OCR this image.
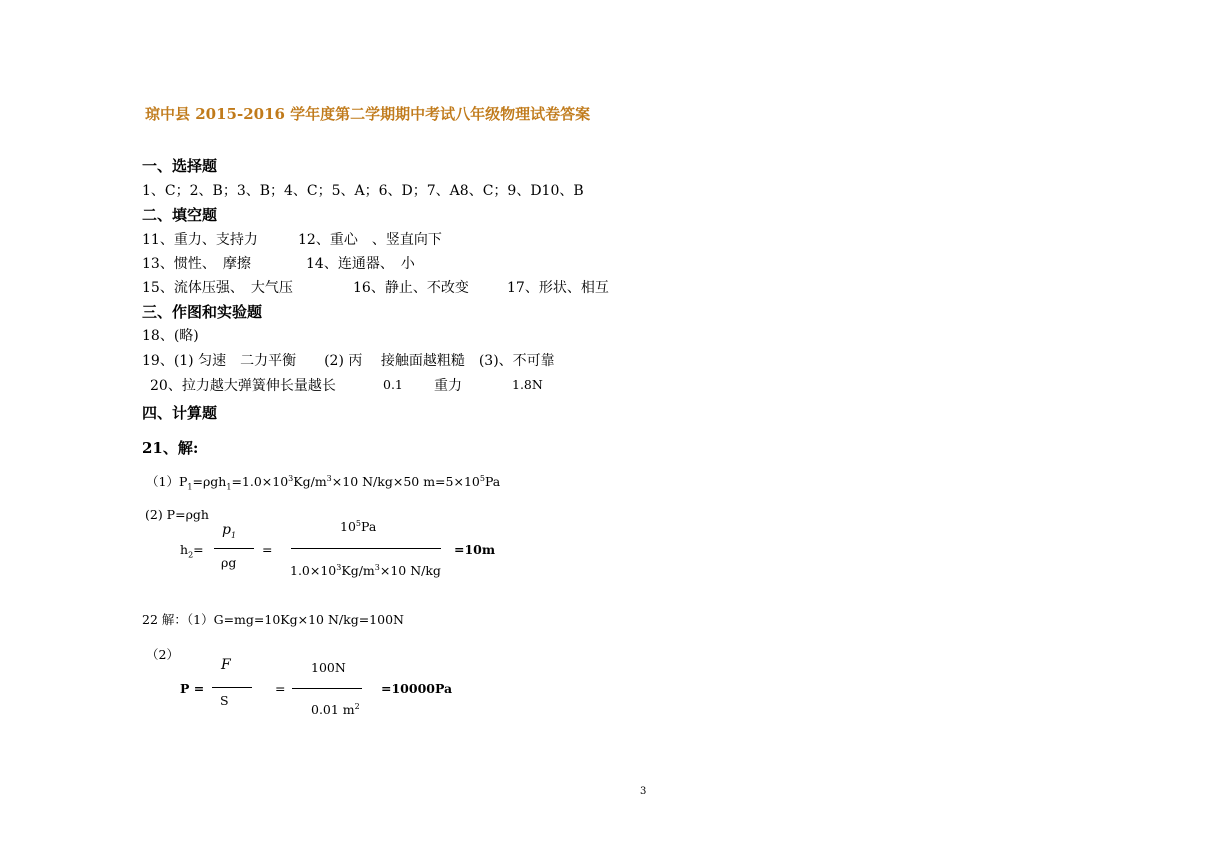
琼中县 2015-2016 学年度第二学期期中考试八年级物理试卷答案
一、选择题
1、C；2、B；3、B；4、C；5、A；6、D；7、A8、C；9、D10、B
二、填空题
11、重力、支持力	12、重心　、竖直向下
13、惯性、　摩擦	14、连通器、　小
15、流体压强、　大气压	16、静止、不改变	17、形状、相互
三、作图和实验题
18、(略)
19、(1) 匀速　二力平衡　　(2) 丙　 接触面越粗糙　(3)、不可靠
20、拉力越大弹簧伸长量越长	0.1 重力	1.8N
四、计算题
21、解:
$(1)P_1=\rho gh_1=1.0\times 10^3Kg/m^3\times 10$ N/kg×50 $m=5\times 10^5Pa$
(2) P=ρgh
$h_2=$
$p_1$
ρg
=
$10^5Pa$
$1.0\times 10^3Kg/m^3\times 10$ N/kg
=10m
22 解：（1）G=mg=10Kg×10 N/kg=100N
（2）
P =
F
S
=
100N
0.01 $m^2$
=10000Pa
3
